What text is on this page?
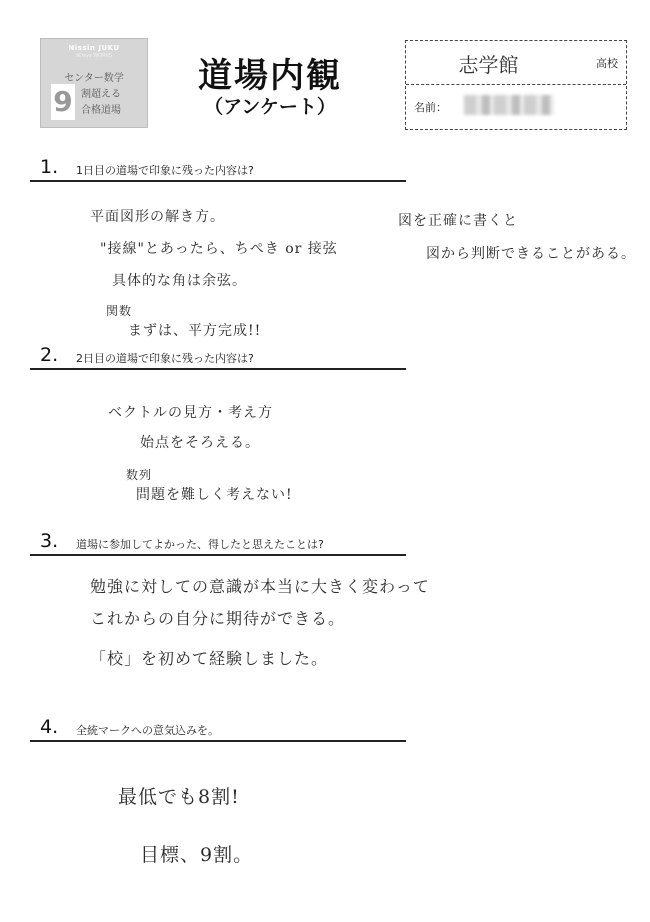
Nissin JUKU
9Days WORKS
センター数学
9 割超える
合格道場
道場内観
（アンケート）
志学館	高校
名前：
1. 1日目の道場で印象に残った内容は?
平面図形の解き方。
"接線"とあったら、ちぺき or 接弦
具体的な角は余弦。
関数
まずは、平方完成!!
図を正確に書くと
図から判断できることがある。
2. 2日目の道場で印象に残った内容は?
ベクトルの見方・考え方
始点をそろえる。
数列
問題を難しく考えない!
3. 道場に参加してよかった、得したと思えたことは?
勉強に対しての意識が本当に大きく変わって
これからの自分に期待ができる。
「校」を初めて経験しました。
4. 全統マークへの意気込みを。
最低でも8割!
目標、9割。
